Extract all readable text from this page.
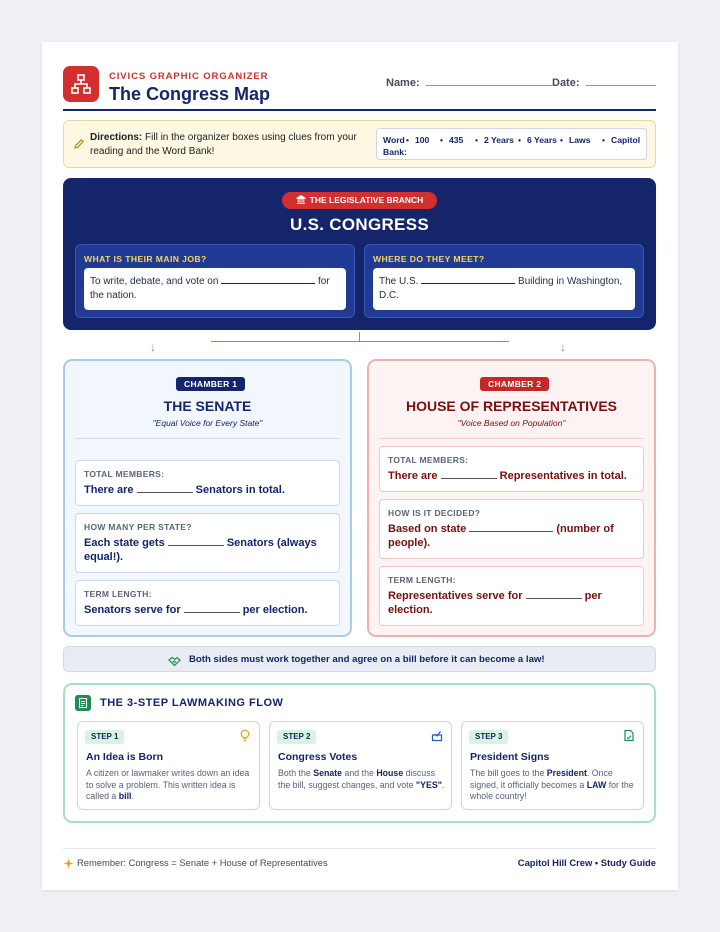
CIVICS GRAPHIC ORGANIZER
The Congress Map
Name:	Date:
Directions: Fill in the organizer boxes using clues from your reading and the Word Bank!
Word Bank:
• 100	• 435	• 2 Years • 6 Years • Laws	• Capitol
THE LEGISLATIVE BRANCH
U.S. CONGRESS
WHAT IS THEIR MAIN JOB?
To write, debate, and vote on	for the nation.
WHERE DO THEY MEET?
The U.S.	Building in Washington, D.C.
↓	↓
CHAMBER 1
THE SENATE
"Equal Voice for Every State"
TOTAL MEMBERS:
There are	Senators in total.
HOW MANY PER STATE?
Each state gets	Senators (always equal!).
TERM LENGTH:
Senators serve for	per election.
CHAMBER 2
HOUSE OF REPRESENTATIVES
"Voice Based on Population"
TOTAL MEMBERS:
There are	Representatives in total.
HOW IS IT DECIDED?
Based on state	(number of people).
TERM LENGTH:
Representatives serve for	per election.
Both sides must work together and agree on a bill before it can become a law!
THE 3-STEP LAWMAKING FLOW
STEP 1
An Idea is Born
A citizen or lawmaker writes down an idea to solve a problem. This written idea is called a bill.
STEP 2
Congress Votes
Both the Senate and the House discuss the bill, suggest changes, and vote "YES".
STEP 3
President Signs
The bill goes to the President. Once signed, it officially becomes a LAW for the whole country!
Remember: Congress = Senate + House of Representatives	Capitol Hill Crew • Study Guide
